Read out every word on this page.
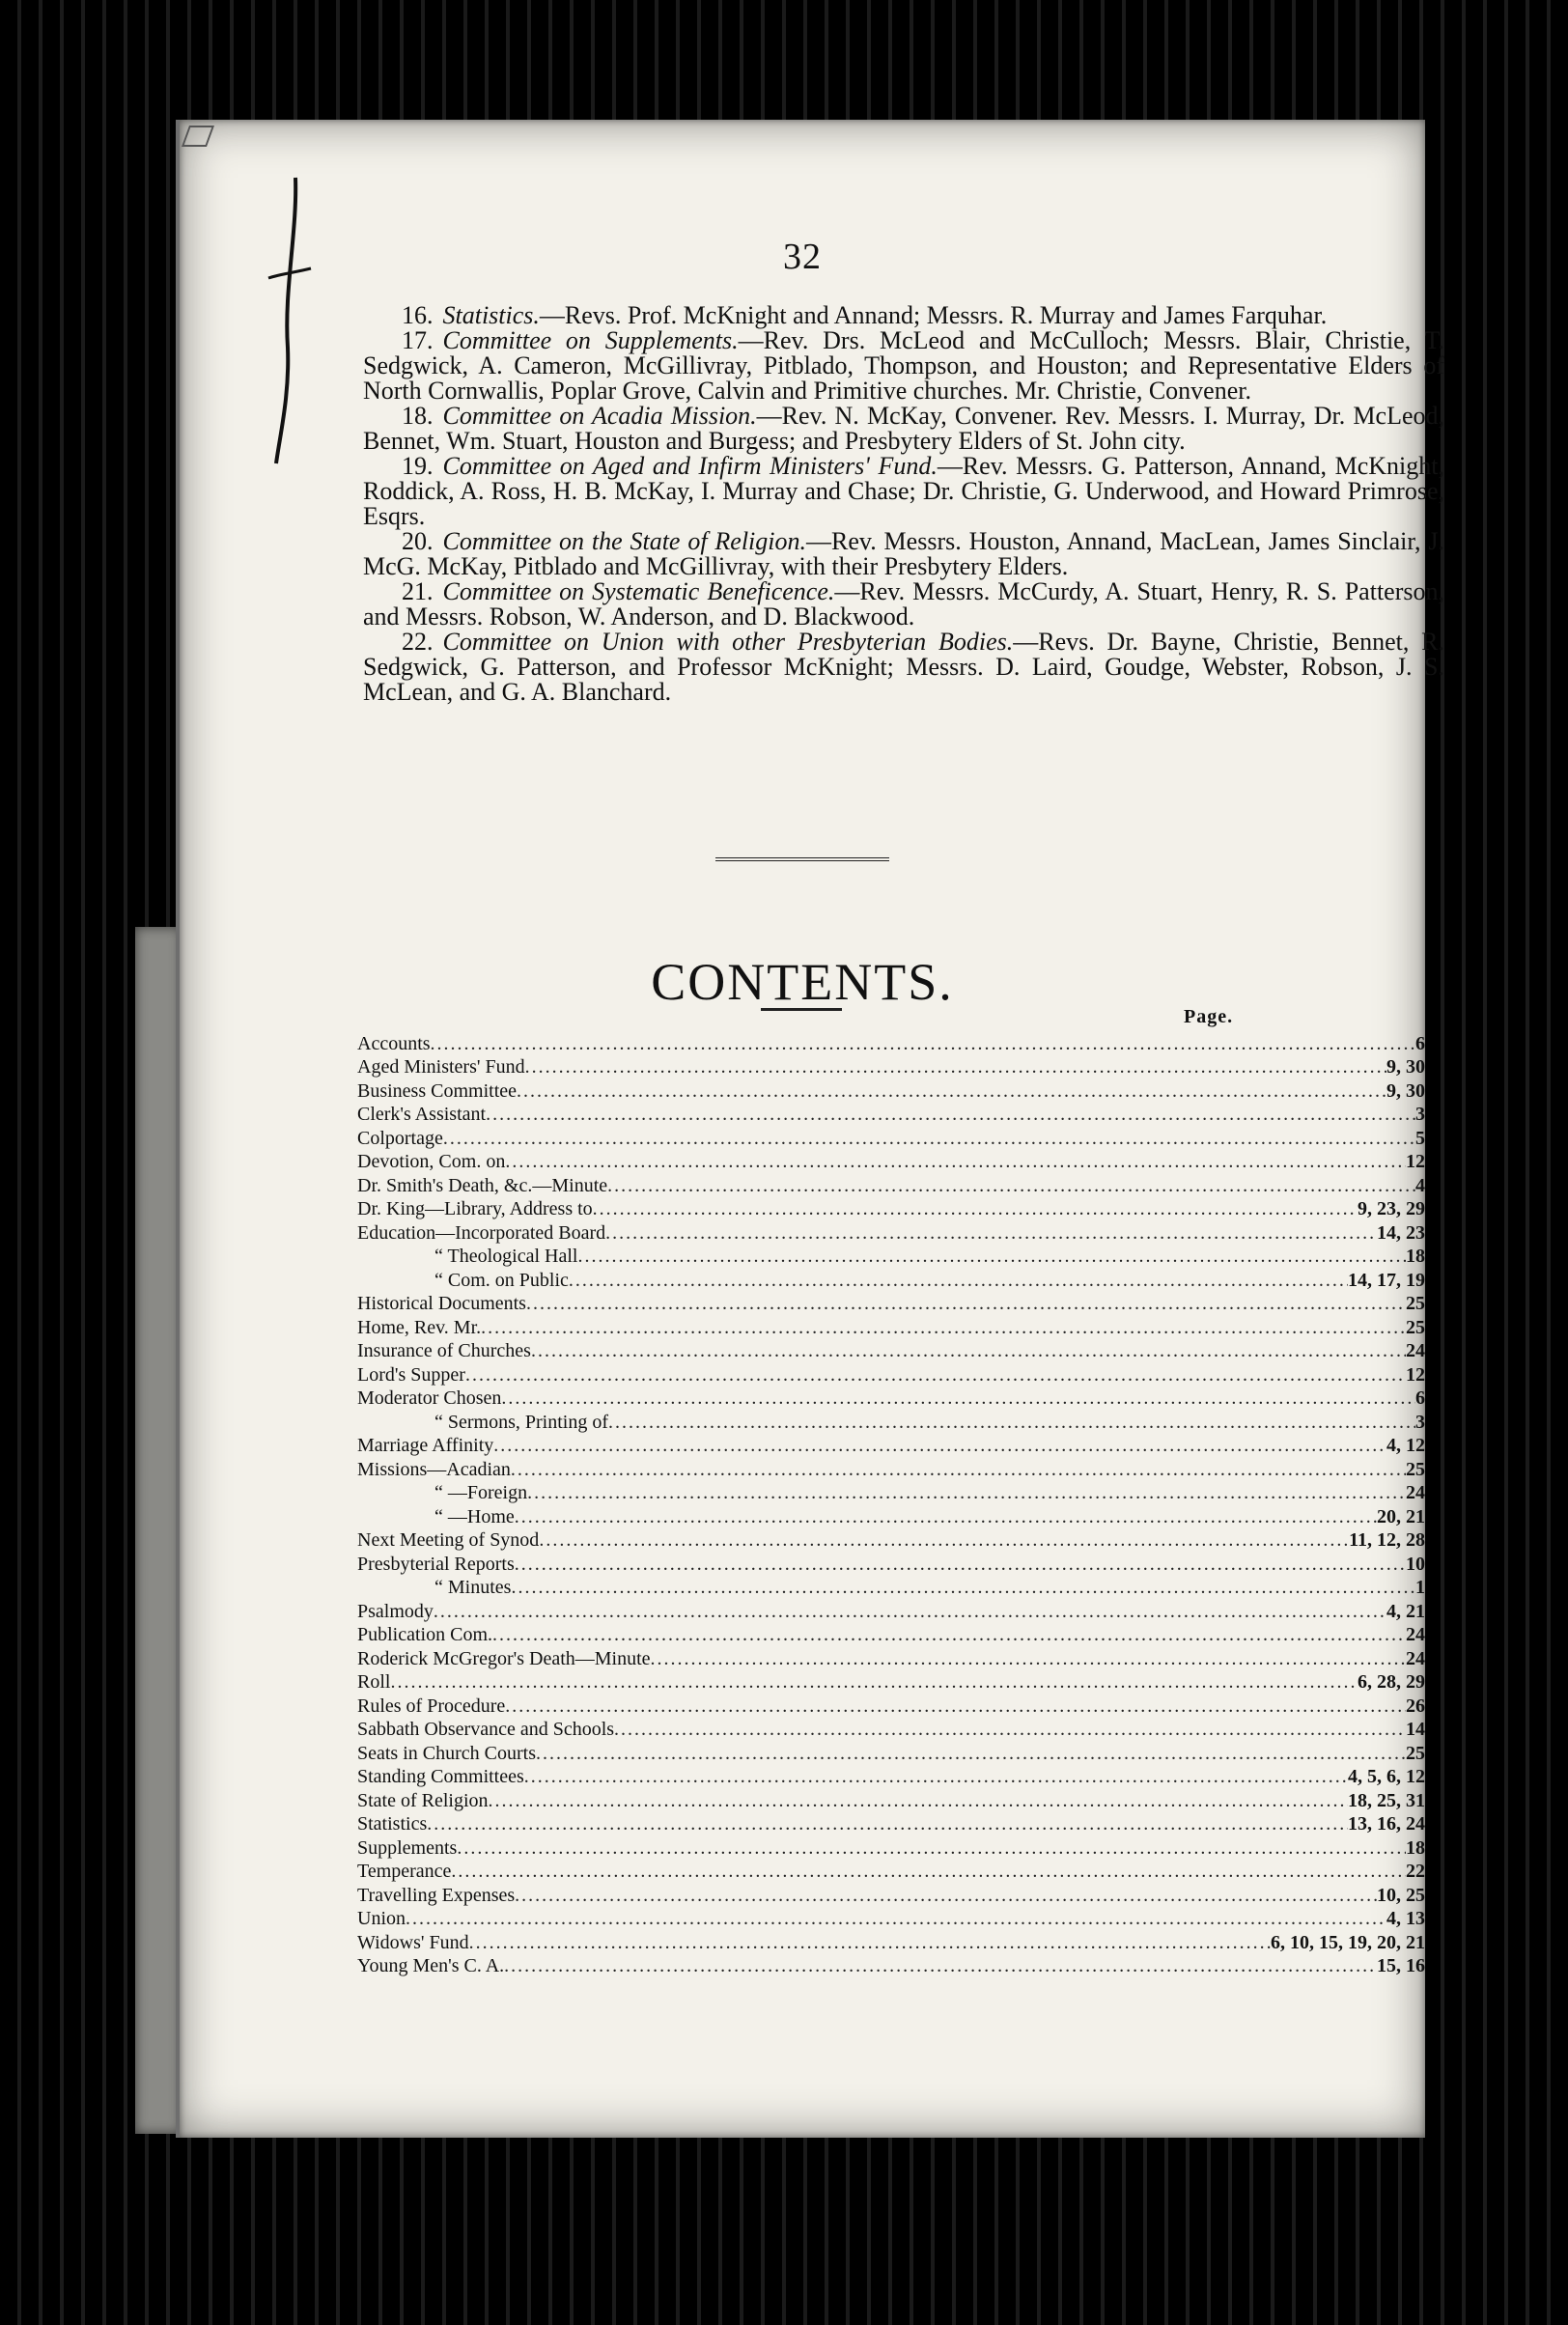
32

16. Statistics.—Revs. Prof. McKnight and Annand; Messrs. R. Murray and James Farquhar.

17. Committee on Supplements.—Rev. Drs. McLeod and McCulloch; Messrs. Blair, Christie, T. Sedgwick, A. Cameron, McGillivray, Pitblado, Thompson, and Houston; and Representative Elders of North Cornwallis, Poplar Grove, Calvin and Primitive churches. Mr. Christie, Convener.

18. Committee on Acadia Mission.—Rev. N. McKay, Convener. Rev. Messrs. I. Murray, Dr. McLeod, Bennet, Wm. Stuart, Houston and Burgess; and Presbytery Elders of St. John city.

19. Committee on Aged and Infirm Ministers' Fund.—Rev. Messrs. G. Patterson, Annand, McKnight, Roddick, A. Ross, H. B. McKay, I. Murray and Chase; Dr. Christie, G. Underwood, and Howard Primrose, Esqrs.

20. Committee on the State of Religion.—Rev. Messrs. Houston, Annand, MacLean, James Sinclair, J. McG. McKay, Pitblado and McGillivray, with their Presbytery Elders.

21. Committee on Systematic Beneficence.—Rev. Messrs. McCurdy, A. Stuart, Henry, R. S. Patterson, and Messrs. Robson, W. Anderson, and D. Blackwood.

22. Committee on Union with other Presbyterian Bodies.—Revs. Dr. Bayne, Christie, Bennet, R. Sedgwick, G. Patterson, and Professor McKnight; Messrs. D. Laird, Goudge, Webster, Robson, J. S. McLean, and G. A. Blanchard.

CONTENTS.
Page.
Accounts .....	6
Aged Ministers' Fund .....	9, 30
Business Committee .....	9, 30
Clerk's Assistant .....	3
Colportage .....	5
Devotion, Com. on .....	12
Dr. Smith's Death, &c.—Minute .....	4
Dr. King—Library, Address to .....	9, 23, 29
Education—Incorporated Board .....	14, 23
“ Theological Hall .....	18
“ Com. on Public .....	14, 17, 19
Historical Documents .....	25
Home, Rev. Mr. .....	25
Insurance of Churches .....	24
Lord's Supper .....	12
Moderator Chosen .....	6
“ Sermons, Printing of .....	3
Marriage Affinity .....	4, 12
Missions—Acadian .....	25
“ —Foreign .....	24
“ —Home .....	20, 21
Next Meeting of Synod .....	11, 12, 28
Presbyterial Reports .....	10
“ Minutes .....	1
Psalmody .....	4, 21
Publication Com. .....	24
Roderick McGregor's Death—Minute .....	24
Roll .....	6, 28, 29
Rules of Procedure .....	26
Sabbath Observance and Schools .....	14
Seats in Church Courts .....	25
Standing Committees .....	4, 5, 6, 12
State of Religion .....	18, 25, 31
Statistics .....	13, 16, 24
Supplements .....	18
Temperance .....	22
Travelling Expenses .....	10, 25
Union .....	4, 13
Widows' Fund .....	6, 10, 15, 19, 20, 21
Young Men's C. A. .....	15, 16
